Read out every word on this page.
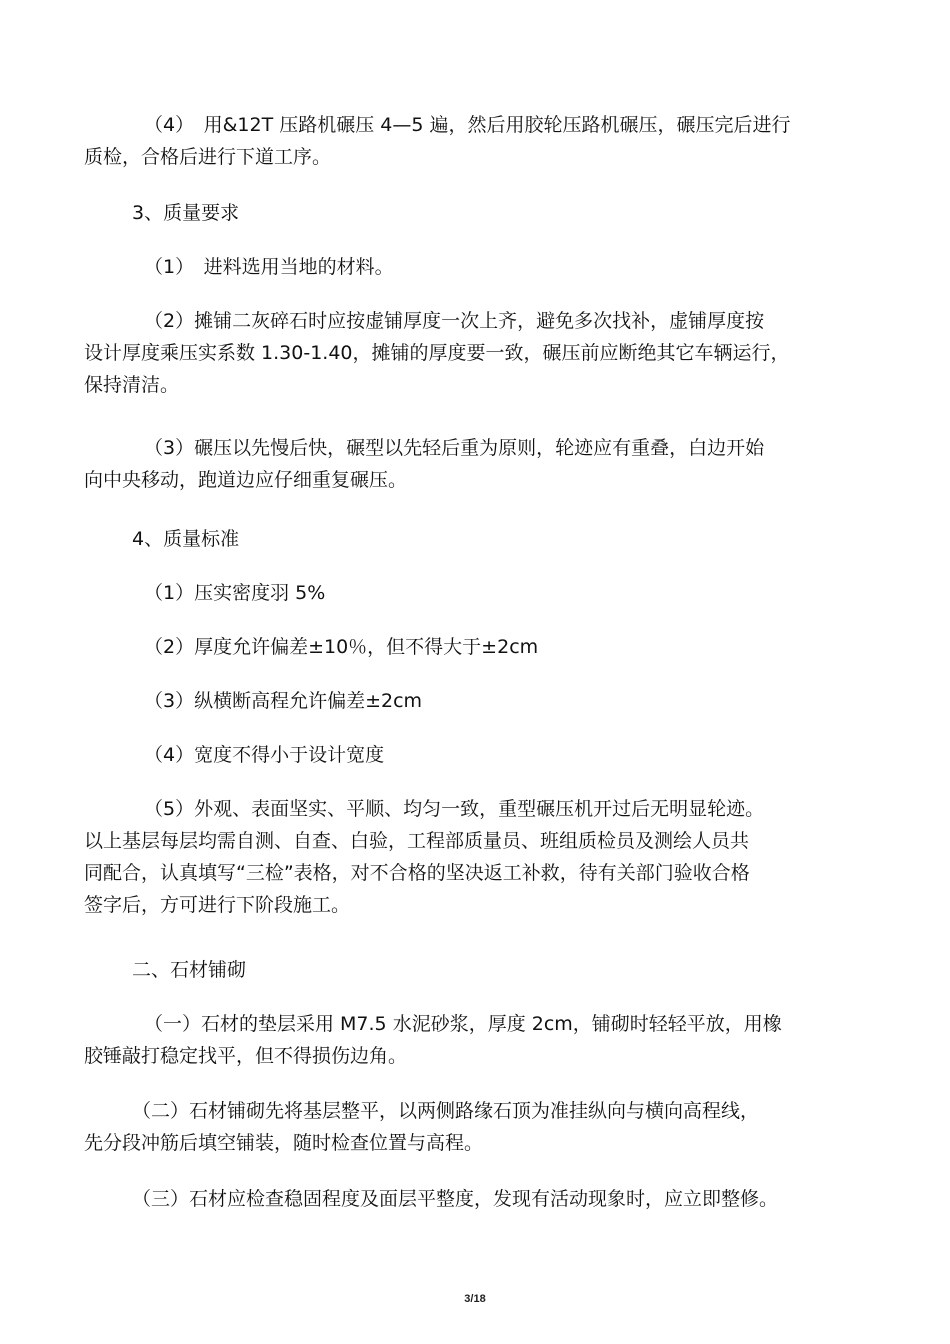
（4）　用&12T 压路机碾压 4—5 遍，然后用胶轮压路机碾压，碾压完后进行
质检，合格后进行下道工序。
3、质量要求
（1）　进料选用当地的材料。
（2）摊铺二灰碎石时应按虚铺厚度一次上齐，避免多次找补，虚铺厚度按
设计厚度乘压实系数 1.30-1.40，摊铺的厚度要一致，碾压前应断绝其它车辆运行，
保持清洁。
（3）碾压以先慢后快，碾型以先轻后重为原则，轮迹应有重叠，白边开始
向中央移动，跑道边应仔细重复碾压。
4、质量标准
（1）压实密度羽 5%
（2）厚度允许偏差±10％，但不得大于±2cm
（3）纵横断高程允许偏差±2cm
（4）宽度不得小于设计宽度
（5）外观、表面坚实、平顺、均匀一致，重型碾压机开过后无明显轮迹。
以上基层每层均需自测、自查、白验，工程部质量员、班组质检员及测绘人员共
同配合，认真填写“三检”表格，对不合格的坚决返工补救，待有关部门验收合格
签字后，方可进行下阶段施工。
二、石材铺砌
（一）石材的垫层采用 M7.5 水泥砂浆，厚度 2cm，铺砌时轻轻平放，用橡
胶锤敲打稳定找平，但不得损伤边角。
（二）石材铺砌先将基层整平，以两侧路缘石顶为准挂纵向与横向高程线，
先分段冲筋后填空铺装，随时检查位置与高程。
（三）石材应检查稳固程度及面层平整度，发现有活动现象时，应立即整修。
3/18
